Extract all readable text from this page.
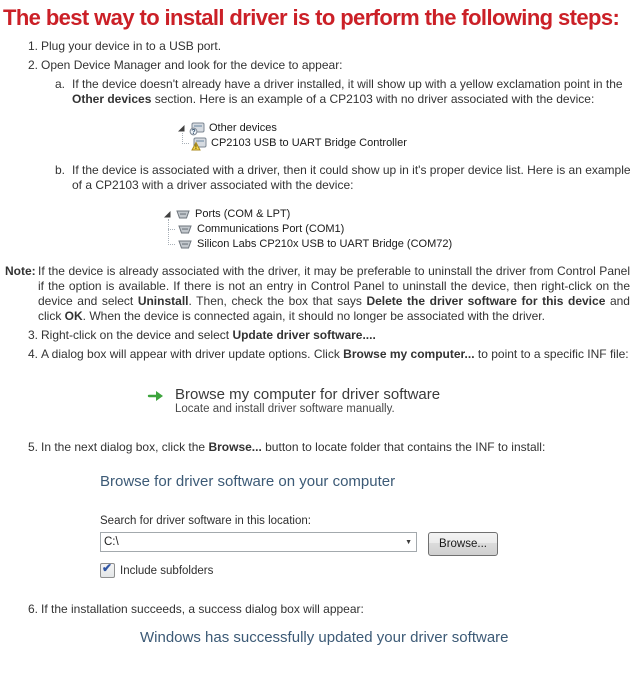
The best way to install driver is to perform the following steps:
1. Plug your device in to a USB port.
2. Open Device Manager and look for the device to appear:
a. If the device doesn't already have a driver installed, it will show up with a yellow exclamation point in the Other devices section. Here is an example of a CP2103 with no driver associated with the device:
? Other devices
! CP2103 USB to UART Bridge Controller
b. If the device is associated with a driver, then it could show up in it's proper device list. Here is an example of a CP2103 with a driver associated with the device:
Ports (COM & LPT)
Communications Port (COM1)
Silicon Labs CP210x USB to UART Bridge (COM72)
Note: If the device is already associated with the driver, it may be preferable to uninstall the driver from Control Panel if the option is available. If there is not an entry in Control Panel to uninstall the device, then right-click on the device and select Uninstall. Then, check the box that says Delete the driver software for this device and click OK. When the device is connected again, it should no longer be associated with the driver.
3. Right-click on the device and select Update driver software....
4. A dialog box will appear with driver update options. Click Browse my computer... to point to a specific INF file:
Browse my computer for driver software
Locate and install driver software manually.
5. In the next dialog box, click the Browse... button to locate folder that contains the INF to install:
Browse for driver software on your computer
Search for driver software in this location:
C:\	▼	Browse...
✔ Include subfolders
6. If the installation succeeds, a success dialog box will appear:
Windows has successfully updated your driver software
